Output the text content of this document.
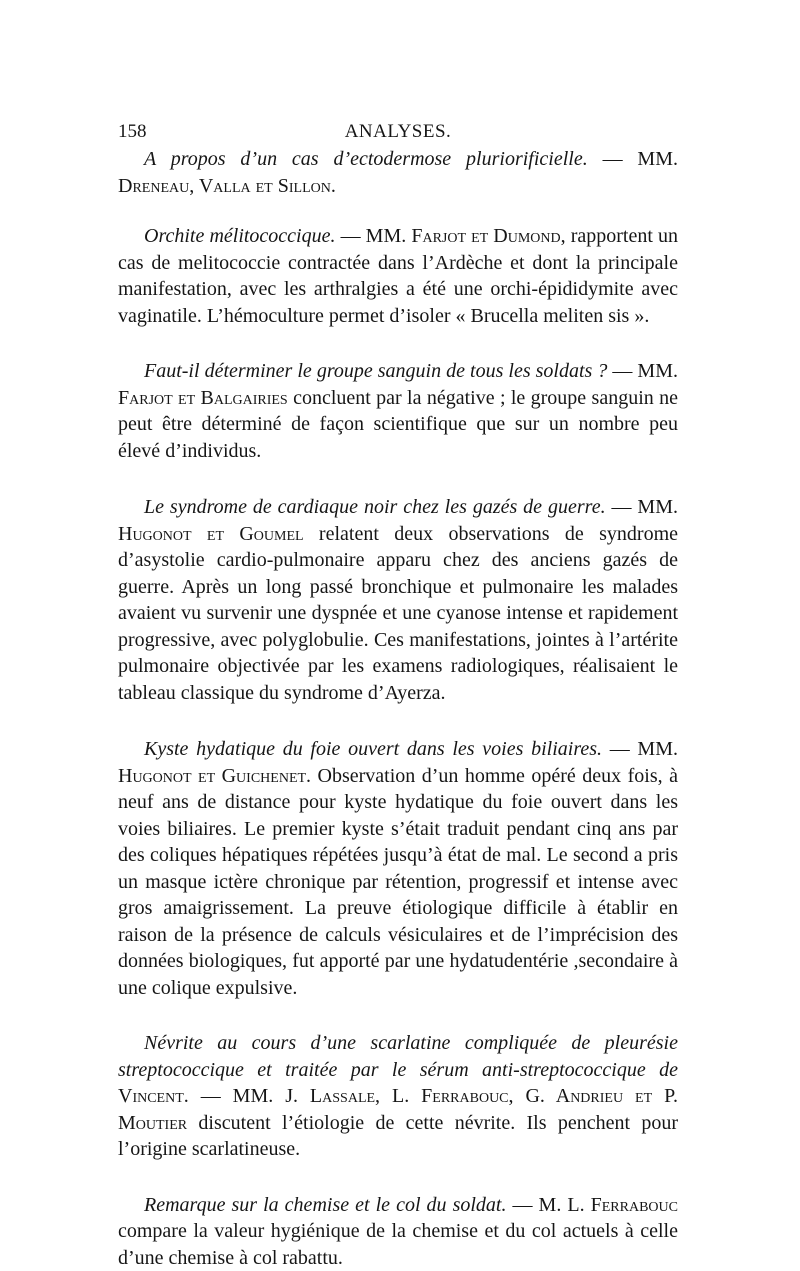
158	ANALYSES.

A propos d’un cas d’ectodermose pluriorificielle. — MM. Dreneau, Valla et Sillon.

Orchite mélitococcique. — MM. Farjot et Dumond, rapportent un cas de melitococcie contractée dans l’Ardèche et dont la principale manifestation, avec les arthralgies a été une orchi-épididymite avec vaginatile. L’hémoculture permet d’isoler « Brucella meliten sis ».

Faut-il déterminer le groupe sanguin de tous les soldats ? — MM. Farjot et Balgairies concluent par la négative ; le groupe sanguin ne peut être déterminé de façon scientifique que sur un nombre peu élevé d’individus.

Le syndrome de cardiaque noir chez les gazés de guerre. — MM. Hugonot et Goumel relatent deux observations de syndrome d’asystolie cardio-pulmonaire apparu chez des anciens gazés de guerre. Après un long passé bronchique et pulmonaire les malades avaient vu survenir une dyspnée et une cyanose intense et rapidement progressive, avec polyglobulie. Ces manifestations, jointes à l’artérite pulmonaire objectivée par les examens radiologiques, réalisaient le tableau classique du syndrome d’Ayerza.

Kyste hydatique du foie ouvert dans les voies biliaires. — MM. Hugonot et Guichenet. Observation d’un homme opéré deux fois, à neuf ans de distance pour kyste hydatique du foie ouvert dans les voies biliaires. Le premier kyste s’était traduit pendant cinq ans par des coliques hépatiques répétées jusqu’à état de mal. Le second a pris un masque ictère chronique par rétention, progressif et intense avec gros amaigrissement. La preuve étiologique difficile à établir en raison de la présence de calculs vésiculaires et de l’imprécision des données biologiques, fut apporté par une hydatudentérie ,secondaire à une colique expulsive.

Névrite au cours d’une scarlatine compliquée de pleurésie streptococcique et traitée par le sérum anti-streptococcique de Vincent. — MM. J. Lassale, L. Ferrabouc, G. Andrieu et P. Moutier discutent l’étiologie de cette névrite. Ils penchent pour l’origine scarlatineuse.

Remarque sur la chemise et le col du soldat. — M. L. Ferrabouc compare la valeur hygiénique de la chemise et du col actuels à celle d’une chemise à col rabattu.
